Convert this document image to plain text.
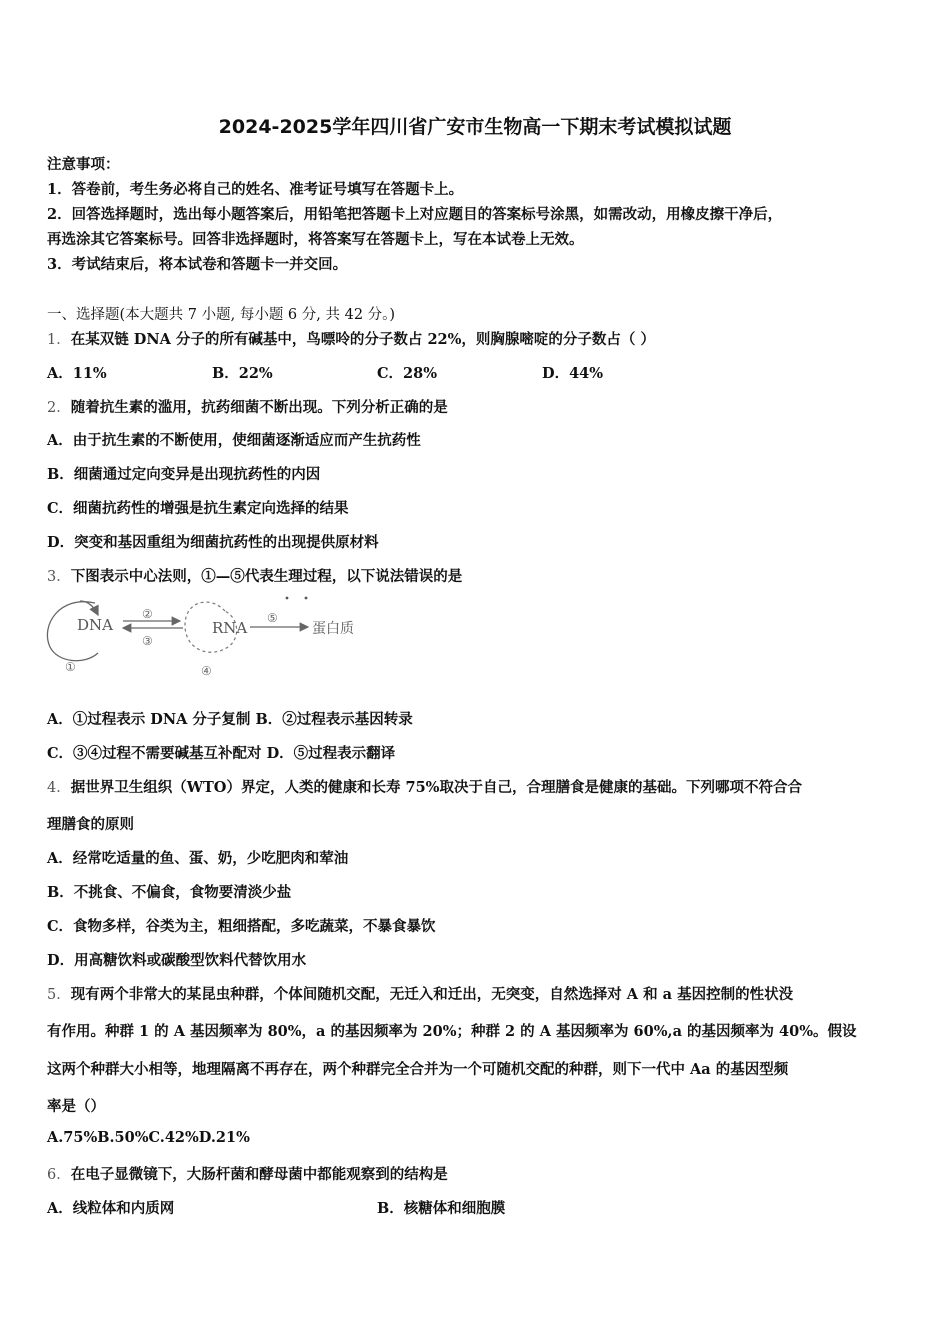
2024-2025学年四川省广安市生物高一下期末考试模拟试题
注意事项：
1．答卷前，考生务必将自己的姓名、准考证号填写在答题卡上。
2．回答选择题时，选出每小题答案后，用铅笔把答题卡上对应题目的答案标号涂黑，如需改动，用橡皮擦干净后，
再选涂其它答案标号。回答非选择题时，将答案写在答题卡上，写在本试卷上无效。
3．考试结束后，将本试卷和答题卡一并交回。
一、选择题(本大题共 7 小题, 每小题 6 分, 共 42 分。)
1．在某双链 DNA 分子的所有碱基中，鸟嘌呤的分子数占 22%，则胸腺嘧啶的分子数占（ ）
A．11%	B．22%	C．28%	D．44%
2．随着抗生素的滥用，抗药细菌不断出现。下列分析正确的是
A．由于抗生素的不断使用，使细菌逐渐适应而产生抗药性
B．细菌通过定向变异是出现抗药性的内因
C．细菌抗药性的增强是抗生素定向选择的结果
D．突变和基因重组为细菌抗药性的出现提供原材料
3．下图表示中心法则，①—⑤代表生理过程，以下说法错误的是
DNA
①
②
③
RNA
④
⑤
蛋白质
A．①过程表示 DNA 分子复制 B．②过程表示基因转录
C．③④过程不需要碱基互补配对 D．⑤过程表示翻译
4．据世界卫生组织（WTO）界定，人类的健康和长寿 75%取决于自己，合理膳食是健康的基础。下列哪项不符合合
理膳食的原则
A．经常吃适量的鱼、蛋、奶，少吃肥肉和荤油
B．不挑食、不偏食，食物要清淡少盐
C．食物多样，谷类为主，粗细搭配，多吃蔬菜，不暴食暴饮
D．用高糖饮料或碳酸型饮料代替饮用水
5．现有两个非常大的某昆虫种群，个体间随机交配，无迁入和迁出，无突变，自然选择对 A 和 a 基因控制的性状没
有作用。种群 1 的 A 基因频率为 80%，a 的基因频率为 20%；种群 2 的 A 基因频率为 60%,a 的基因频率为 40%。假设
这两个种群大小相等，地理隔离不再存在，两个种群完全合并为一个可随机交配的种群，则下一代中 Aa 的基因型频
率是（）
A.75%B.50%C.42%D.21%
6．在电子显微镜下，大肠杆菌和酵母菌中都能观察到的结构是
A．线粒体和内质网	B．核糖体和细胞膜
